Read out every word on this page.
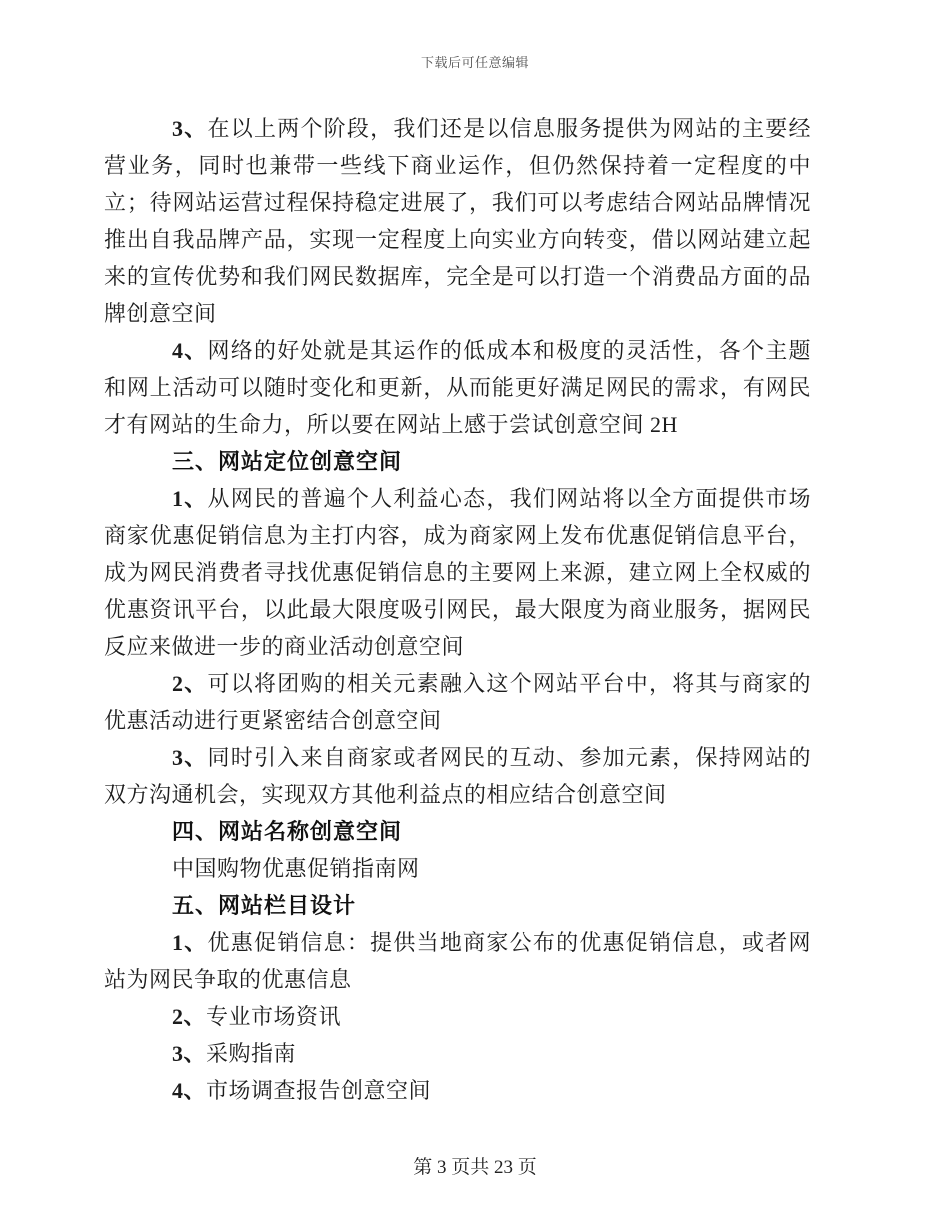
下载后可任意编辑

3、在以上两个阶段，我们还是以信息服务提供为网站的主要经营业务，同时也兼带一些线下商业运作，但仍然保持着一定程度的中立；待网站运营过程保持稳定进展了，我们可以考虑结合网站品牌情况推出自我品牌产品，实现一定程度上向实业方向转变，借以网站建立起来的宣传优势和我们网民数据库，完全是可以打造一个消费品方面的品牌创意空间

4、网络的好处就是其运作的低成本和极度的灵活性，各个主题和网上活动可以随时变化和更新，从而能更好满足网民的需求，有网民才有网站的生命力，所以要在网站上感于尝试创意空间 2H

三、网站定位创意空间

1、从网民的普遍个人利益心态，我们网站将以全方面提供市场商家优惠促销信息为主打内容，成为商家网上发布优惠促销信息平台，成为网民消费者寻找优惠促销信息的主要网上来源，建立网上全权威的优惠资讯平台，以此最大限度吸引网民，最大限度为商业服务，据网民反应来做进一步的商业活动创意空间

2、可以将团购的相关元素融入这个网站平台中，将其与商家的优惠活动进行更紧密结合创意空间

3、同时引入来自商家或者网民的互动、参加元素，保持网站的双方沟通机会，实现双方其他利益点的相应结合创意空间

四、网站名称创意空间

中国购物优惠促销指南网

五、网站栏目设计

1、优惠促销信息：提供当地商家公布的优惠促销信息，或者网站为网民争取的优惠信息

2、专业市场资讯

3、采购指南

4、市场调查报告创意空间

第 3 页共 23 页
